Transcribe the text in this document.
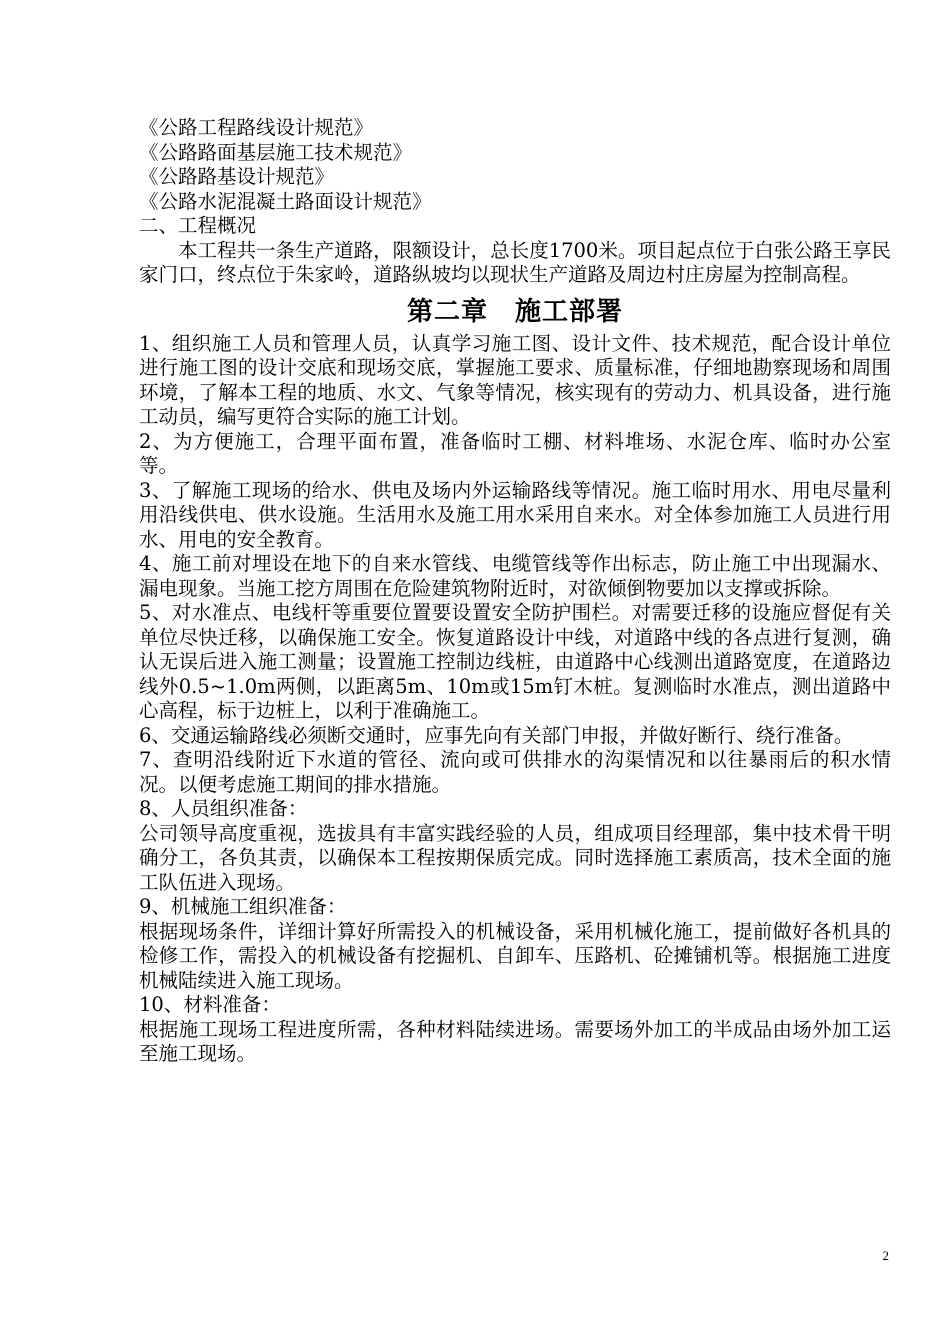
《公路工程路线设计规范》
《公路路面基层施工技术规范》
《公路路基设计规范》
《公路水泥混凝土路面设计规范》
二、工程概况

本工程共一条生产道路，限额设计，总长度1700米。项目起点位于白张公路王享民家门口，终点位于朱家岭，道路纵坡均以现状生产道路及周边村庄房屋为控制高程。

第二章　施工部署

1、组织施工人员和管理人员，认真学习施工图、设计文件、技术规范，配合设计单位进行施工图的设计交底和现场交底，掌握施工要求、质量标准，仔细地勘察现场和周围环境，了解本工程的地质、水文、气象等情况，核实现有的劳动力、机具设备，进行施工动员，编写更符合实际的施工计划。

2、为方便施工，合理平面布置，准备临时工棚、材料堆场、水泥仓库、临时办公室等。

3、了解施工现场的给水、供电及场内外运输路线等情况。施工临时用水、用电尽量利用沿线供电、供水设施。生活用水及施工用水采用自来水。对全体参加施工人员进行用水、用电的安全教育。

4、施工前对埋设在地下的自来水管线、电缆管线等作出标志，防止施工中出现漏水、漏电现象。当施工挖方周围在危险建筑物附近时，对欲倾倒物要加以支撑或拆除。

5、对水准点、电线杆等重要位置要设置安全防护围栏。对需要迁移的设施应督促有关单位尽快迁移，以确保施工安全。恢复道路设计中线，对道路中线的各点进行复测，确认无误后进入施工测量；设置施工控制边线桩，由道路中心线测出道路宽度，在道路边线外0.5~1.0m两侧，以距离5m、10m或15m钉木桩。复测临时水准点，测出道路中心高程，标于边桩上，以利于准确施工。

6、交通运输路线必须断交通时，应事先向有关部门申报，并做好断行、绕行准备。

7、查明沿线附近下水道的管径、流向或可供排水的沟渠情况和以往暴雨后的积水情况。以便考虑施工期间的排水措施。

8、人员组织准备：

公司领导高度重视，选拔具有丰富实践经验的人员，组成项目经理部，集中技术骨干明确分工，各负其责，以确保本工程按期保质完成。同时选择施工素质高，技术全面的施工队伍进入现场。

9、机械施工组织准备：

根据现场条件，详细计算好所需投入的机械设备，采用机械化施工，提前做好各机具的检修工作，需投入的机械设备有挖掘机、自卸车、压路机、砼摊铺机等。根据施工进度机械陆续进入施工现场。

10、材料准备：

根据施工现场工程进度所需，各种材料陆续进场。需要场外加工的半成品由场外加工运至施工现场。

2
